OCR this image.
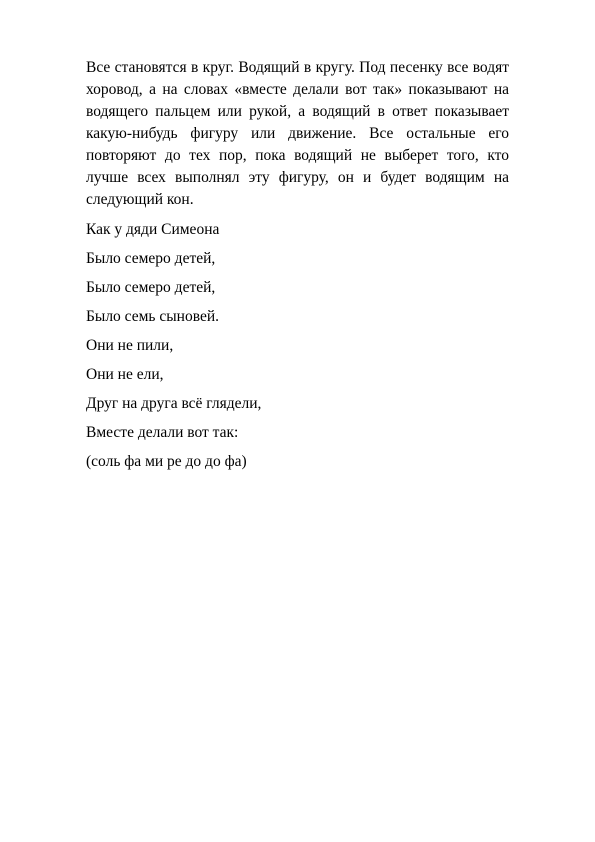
Все становятся в круг. Водящий в кругу. Под песенку все водят хоровод, а на словах «вместе делали вот так» показывают на водящего пальцем или рукой, а водящий в ответ показывает какую-нибудь фигуру или движение. Все остальные его повторяют до тех пор, пока водящий не выберет того, кто лучше всех выполнял эту фигуру, он и будет водящим на следующий кон.

Как у дяди Симеона

Было семеро детей,

Было семеро детей,

Было семь сыновей.

Они не пили,

Они не ели,

Друг на друга всё глядели,

Вместе делали вот так:

(соль фа ми ре до до фа)
